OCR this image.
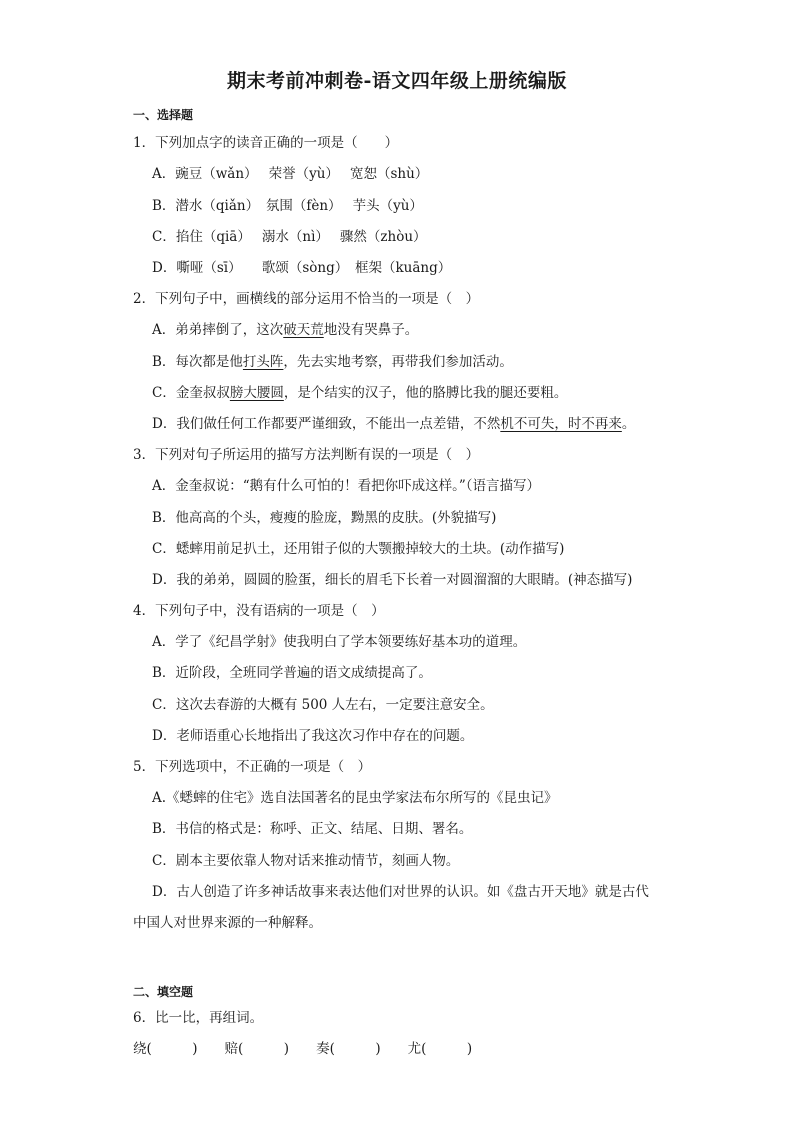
期末考前冲刺卷-语文四年级上册统编版
一、选择题
1．下列加点字的读音正确的一项是（　　）
A．豌豆（wǎn）　 荣誉（yù）　 宽恕（shù）
B．潜水（qiǎn）　氛围（fèn）　 芋头（yù）
C．掐住（qiā）　 溺水（nì）　 骤然（zhòu）
D．嘶哑（sī）　　歌颂（sòng）　框架（kuāng）
2．下列句子中，画横线的部分运用不恰当的一项是（　）
A．弟弟摔倒了，这次破天荒地没有哭鼻子。
B．每次都是他打头阵，先去实地考察，再带我们参加活动。
C．金奎叔叔膀大腰圆，是个结实的汉子，他的胳膊比我的腿还要粗。
D．我们做任何工作都要严谨细致，不能出一点差错，不然机不可失，时不再来。
3．下列对句子所运用的描写方法判断有误的一项是（　）
A．金奎叔说：“鹅有什么可怕的！看把你吓成这样。”（语言描写）
B．他高高的个头，瘦瘦的脸庞，黝黑的皮肤。(外貌描写)
C．蟋蟀用前足扒土，还用钳子似的大颚搬掉较大的土块。(动作描写)
D．我的弟弟，圆圆的脸蛋，细长的眉毛下长着一对圆溜溜的大眼睛。(神态描写)
4．下列句子中，没有语病的一项是（　）
A．学了《纪昌学射》使我明白了学本领要练好基本功的道理。
B．近阶段，全班同学普遍的语文成绩提高了。
C．这次去春游的大概有 500 人左右，一定要注意安全。
D．老师语重心长地指出了我这次习作中存在的问题。
5．下列选项中，不正确的一项是（　）
A.《蟋蟀的住宅》选自法国著名的昆虫学家法布尔所写的《昆虫记》
B．书信的格式是：称呼、正文、结尾、日期、署名。
C．剧本主要依靠人物对话来推动情节，刻画人物。
D．古人创造了许多神话故事来表达他们对世界的认识。如《盘古开天地》就是古代
中国人对世界来源的一种解释。
二、填空题
6．比一比，再组词。
绕(　　　)　　赔(　　　)　　奏(　　　)　　尤(　　　)
